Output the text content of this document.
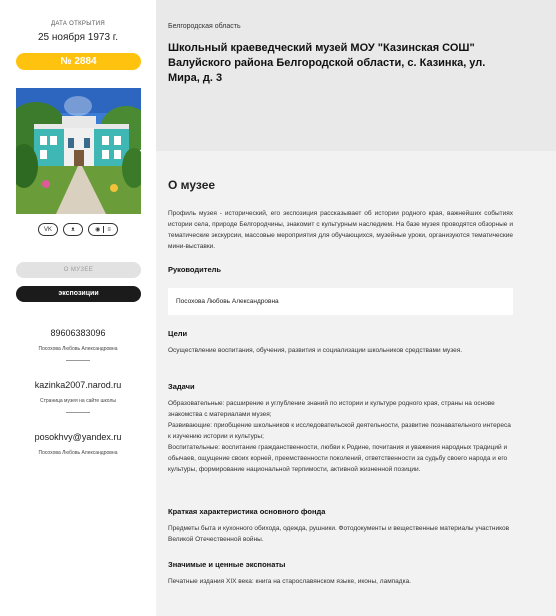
ДАТА ОТКРЫТИЯ
25 ноября 1973 г.
№ 2884
VK	ᴥ	◉ ≡
О МУЗЕЕ
экспозиции
89606383096
Посохова Любовь Александровна
kazinka2007.narod.ru
Страница музея на сайте школы
posokhvy@yandex.ru
Посохова Любовь Александровна
Белгородская область
Школьный краеведческий музей МОУ "Казинская СОШ" Валуйского района Белгородской области, с. Казинка, ул. Мира, д. 3
О музее

Профиль музея - исторический, его экспозиция рассказывает об истории родного края, важнейших событиях истории села, природе Белгородчины, знакомит с культурным наследием. На базе музея проводятся обзорные и тематические экскурсии, массовые мероприятия для обучающихся, музейные уроки, организуются тематические мини-выставки.

Руководитель
Посохова Любовь Александровна
Цели

Осуществление воспитания, обучения, развития и социализации школьников средствами музея.

Задачи

Образовательные: расширение и углубление знаний по истории и культуре родного края, страны на основе знакомства с материалами музея;
Развивающие: приобщение школьников к исследовательской деятельности, развитие познавательного интереса к изучению истории и культуры;
Воспитательные: воспитание гражданственности, любви к Родине, почитания и уважения народных традиций и обычаев, ощущение своих корней, преемственности поколений, ответственности за судьбу своего народа и его культуры, формирование национальной терпимости, активной жизненной позиции.

Краткая характеристика основного фонда

Предметы быта и кухонного обихода, одежда, рушники. Фотодокументы и вещественные материалы участников Великой Отечественной войны.

Значимые и ценные экспонаты

Печатные издания XIX века: книга на старославянском языке, иконы, лампадка.
